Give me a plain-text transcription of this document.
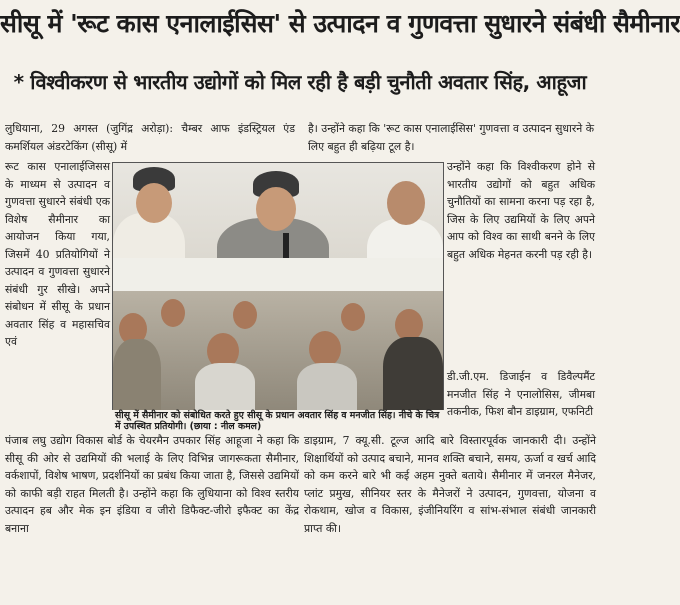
सीसू में 'रूट कास एनालाईसिस' से उत्पादन व गुणवत्ता सुधारने संबंधी सैमीनार
* विश्वीकरण से भारतीय उद्योगों को मिल रही है बड़ी चुनौती अवतार सिंह, आहूजा
लुधियाना, 29 अगस्त (जुगिंद्र अरोड़ा): चैम्बर आफ इंडस्ट्रियल एंड कमर्शियल अंडरटेकिंग (सीसू) में
रूट कास एनालाईजिसस के माध्यम से उत्पादन व गुणवत्ता सुधारने संबंधी एक विशेष सैमीनार का आयोजन किया गया, जिसमें 40 प्रतियोगियों ने उत्पादन व गुणवत्ता सुधारने संबंधी गुर सीखे। अपने संबोधन में सीसू के प्रधान अवतार सिंह व महासचिव एवं
पंजाब लघु उद्योग विकास बोर्ड के चेयरमैन उपकार सिंह आहूजा ने कहा कि सीसू की ओर से उद्यमियों की भलाई के लिए विभिन्न जागरूकता सैमीनार, वर्कशापों, विशेष भाषण, प्रदर्शनियों का प्रबंध किया जाता है, जिससे उद्यमियों को काफी बड़ी राहत मिलती है। उन्होंने कहा कि लुधियाना को विश्व स्तरीय उत्पादन हब और मेक इन इंडिया व जीरो डिफैक्ट-जीरो इफैक्ट का केंद्र बनाना
है। उन्होंने कहा कि 'रूट कास एनालाईसिस' गुणवत्ता व उत्पादन सुधारने के लिए बहुत ही बढ़िया टूल है।
उन्होंने कहा कि विश्वीकरण होने से भारतीय उद्योगों को बहुत अधिक चुनौतियों का सामना करना पड़ रहा है, जिस के लिए उद्यमियों के लिए अपने आप को विश्व का साथी बनने के लिए बहुत अधिक मेहनत करनी पड़ रही है।
डी.जी.एम. डिजाईन व डिवैल्पमैंट मनजीत सिंह ने एनालोसिस, जीमबा तकनीक, फिश बौन डाइग्राम, एफनिटी
डाइग्राम, 7 क्यू.सी. टूल्ज आदि बारे विस्तारपूर्वक जानकारी दी। उन्होंने शिक्षार्थियों को उत्पाद बचाने, मानव शक्ति बचाने, समय, ऊर्जा व खर्च आदि को कम करने बारे भी कई अहम नुक्ते बताये। सैमीनार में जनरल मैनेजर, प्लांट प्रमुख, सीनियर स्तर के मैनेजरों ने उत्पादन, गुणवत्ता, योजना व रोकथाम, खोज व विकास, इंजीनियरिंग व सांभ-संभाल संबंधी जानकारी प्राप्त की।
सीसू में सैमीनार को संबोधित करते हुए सीसू के प्रधान अवतार सिंह व मनजीत सिंह। नीचे के चित्र में उपस्थित प्रतियोगी। (छाया : नील कमल)
